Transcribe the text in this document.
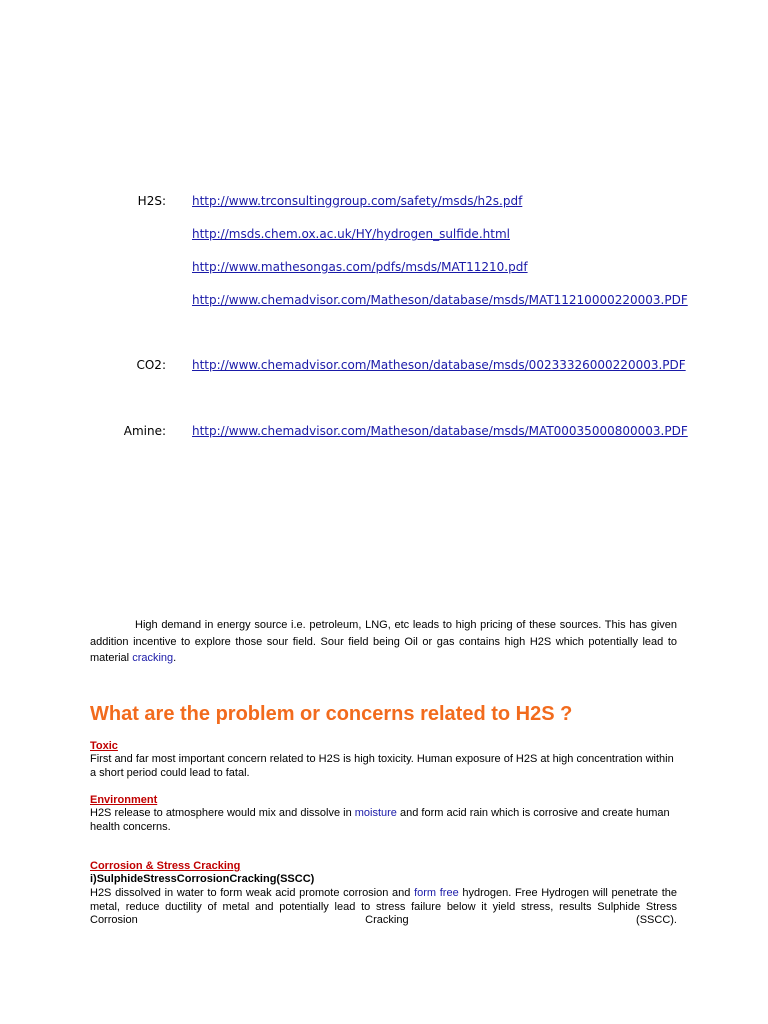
H2S: http://www.trconsultinggroup.com/safety/msds/h2s.pdf
http://msds.chem.ox.ac.uk/HY/hydrogen_sulfide.html
http://www.mathesongas.com/pdfs/msds/MAT11210.pdf
http://www.chemadvisor.com/Matheson/database/msds/MAT11210000220003.PDF
CO2: http://www.chemadvisor.com/Matheson/database/msds/00233326000220003.PDF
Amine: http://www.chemadvisor.com/Matheson/database/msds/MAT00035000800003.PDF
High demand in energy source i.e. petroleum, LNG, etc leads to high pricing of these sources. This has given addition incentive to explore those sour field. Sour field being Oil or gas contains high H2S which potentially lead to material cracking.
What are the problem or concerns related to H2S ?
Toxic
First and far most important concern related to H2S is high toxicity. Human exposure of H2S at high concentration within a short period could lead to fatal.
Environment
H2S release to atmosphere would mix and dissolve in moisture and form acid rain which is corrosive and create human health concerns.
Corrosion & Stress Cracking
i)SulphideStressCorrosionCracking(SSCC)
H2S dissolved in water to form weak acid promote corrosion and form free hydrogen. Free Hydrogen will penetrate the metal, reduce ductility of metal and potentially lead to stress failure below it yield stress, results Sulphide Stress Corrosion Cracking (SSCC).
